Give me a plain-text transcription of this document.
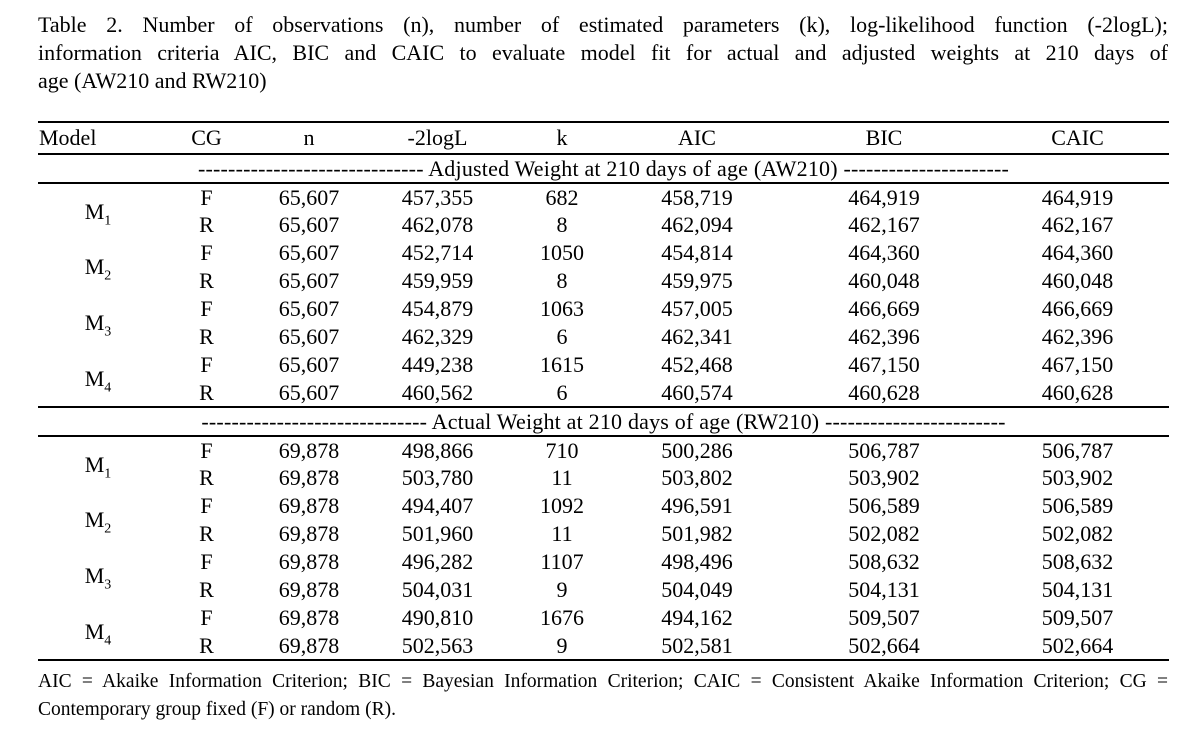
Table 2. Number of observations (n), number of estimated parameters (k), log-likelihood function (-2logL);
information criteria AIC, BIC and CAIC to evaluate model fit for actual and adjusted weights at 210 days of
age (AW210 and RW210)
Model	CG	n	-2logL	k	AIC	BIC	CAIC
------------------------------ Adjusted Weight at 210 days of age (AW210) ----------------------							
$M_1$	F	65,607	457,355	682	458,719	464,919	464,919
	R	65,607	462,078	8	462,094	462,167	462,167
$M_2$	F	65,607	452,714	1050	454,814	464,360	464,360
	R	65,607	459,959	8	459,975	460,048	460,048
$M_3$	F	65,607	454,879	1063	457,005	466,669	466,669
	R	65,607	462,329	6	462,341	462,396	462,396
$M_4$	F	65,607	449,238	1615	452,468	467,150	467,150
	R	65,607	460,562	6	460,574	460,628	460,628
------------------------------ Actual Weight at 210 days of age (RW210) ------------------------							
$M_1$	F	69,878	498,866	710	500,286	506,787	506,787
	R	69,878	503,780	11	503,802	503,902	503,902
$M_2$	F	69,878	494,407	1092	496,591	506,589	506,589
	R	69,878	501,960	11	501,982	502,082	502,082
$M_3$	F	69,878	496,282	1107	498,496	508,632	508,632
	R	69,878	504,031	9	504,049	504,131	504,131
$M_4$	F	69,878	490,810	1676	494,162	509,507	509,507
	R	69,878	502,563	9	502,581	502,664	502,664
AIC = Akaike Information Criterion; BIC = Bayesian Information Criterion; CAIC = Consistent Akaike Information Criterion; CG =
Contemporary group fixed (F) or random (R).
